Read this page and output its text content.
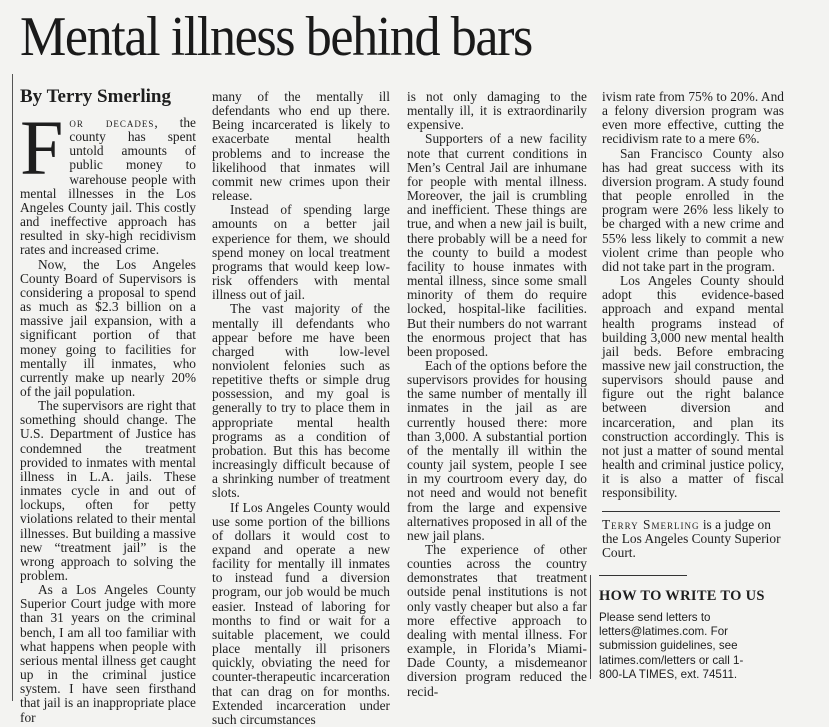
Mental illness behind bars
By Terry Smerling

For decades, the county has spent untold amounts of public money to warehouse people with mental illnesses in the Los Angeles County jail. This costly and ineffective approach has resulted in sky-high recidivism rates and increased crime.

Now, the Los Angeles County Board of Supervisors is considering a proposal to spend as much as $2.3 billion on a massive jail expansion, with a significant portion of that money going to facilities for mentally ill inmates, who currently make up nearly 20% of the jail population.

The supervisors are right that something should change. The U.S. Department of Justice has condemned the treatment provided to inmates with mental illness in L.A. jails. These inmates cycle in and out of lockups, often for petty violations related to their mental illnesses. But building a massive new “treatment jail” is the wrong approach to solving the problem.

As a Los Angeles County Superior Court judge with more than 31 years on the criminal bench, I am all too familiar with what happens when people with serious mental illness get caught up in the criminal justice system. I have seen firsthand that jail is an inappropriate place for

many of the mentally ill defendants who end up there. Being incarcerated is likely to exacerbate mental health problems and to increase the likelihood that inmates will commit new crimes upon their release.

Instead of spending large amounts on a better jail experience for them, we should spend money on local treatment programs that would keep low-risk offenders with mental illness out of jail.

The vast majority of the mentally ill defendants who appear before me have been charged with low-level nonviolent felonies such as repetitive thefts or simple drug possession, and my goal is generally to try to place them in appropriate mental health programs as a condition of probation. But this has become increasingly difficult because of a shrinking number of treatment slots.

If Los Angeles County would use some portion of the billions of dollars it would cost to expand and operate a new facility for mentally ill inmates to instead fund a diversion program, our job would be much easier. Instead of laboring for months to find or wait for a suitable placement, we could place mentally ill prisoners quickly, obviating the need for counter-therapeutic incarceration that can drag on for months. Extended incarceration under such circumstances

is not only damaging to the mentally ill, it is extraordinarily expensive.

Supporters of a new facility note that current conditions in Men’s Central Jail are inhumane for people with mental illness. Moreover, the jail is crumbling and inefficient. These things are true, and when a new jail is built, there probably will be a need for the county to build a modest facility to house inmates with mental illness, since some small minority of them do require locked, hospital-like facilities. But their numbers do not warrant the enormous project that has been proposed.

Each of the options before the supervisors provides for housing the same number of mentally ill inmates in the jail as are currently housed there: more than 3,000. A substantial portion of the mentally ill within the county jail system, people I see in my courtroom every day, do not need and would not benefit from the large and expensive alternatives proposed in all of the new jail plans.

The experience of other counties across the country demonstrates that treatment outside penal institutions is not only vastly cheaper but also a far more effective approach to dealing with mental illness. For example, in Florida’s Miami-Dade County, a misdemeanor diversion program reduced the recid-

ivism rate from 75% to 20%. And a felony diversion program was even more effective, cutting the recidivism rate to a mere 6%.

San Francisco County also has had great success with its diversion program. A study found that people enrolled in the program were 26% less likely to be charged with a new crime and 55% less likely to commit a new violent crime than people who did not take part in the program.

Los Angeles County should adopt this evidence-based approach and expand mental health programs instead of building 3,000 new mental health jail beds. Before embracing massive new jail construction, the supervisors should pause and figure out the right balance between diversion and incarceration, and plan its construction accordingly. This is not just a matter of sound mental health and criminal justice policy, it is also a matter of fiscal responsibility.

Terry Smerling is a judge on the Los Angeles County Superior Court.

HOW TO WRITE TO US
Please send letters to letters@latimes.com. For submission guidelines, see latimes.com/letters or call 1-800-LA TIMES, ext. 74511.
